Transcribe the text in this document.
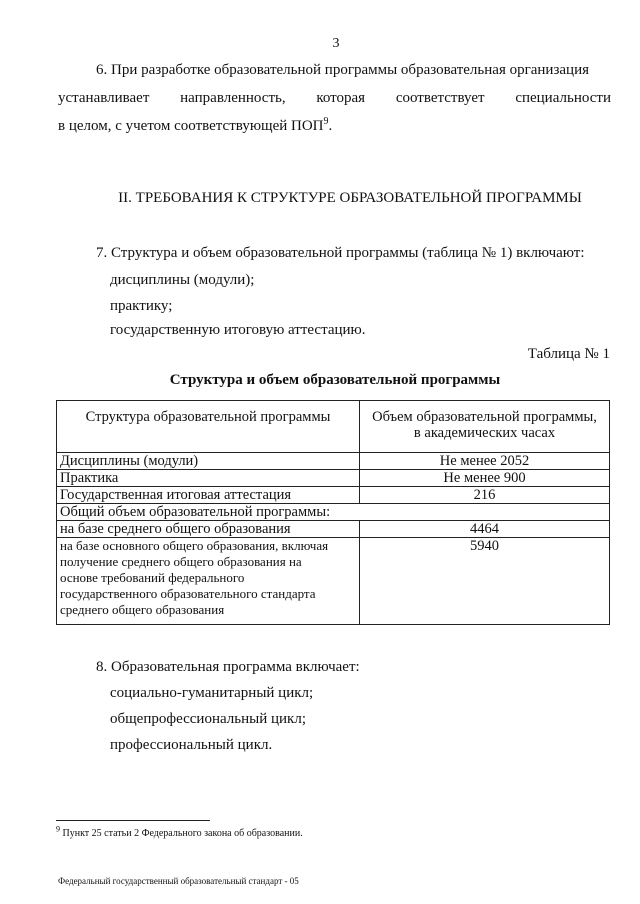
3
6. При разработке образовательной программы образовательная организация
устанавливает направленность, которая соответствует специальности
в целом, с учетом соответствующей ПОП$^9$.
II. ТРЕБОВАНИЯ К СТРУКТУРЕ ОБРАЗОВАТЕЛЬНОЙ ПРОГРАММЫ
7. Структура и объем образовательной программы (таблица № 1) включают:
дисциплины (модули);
практику;
государственную итоговую аттестацию.
Таблица № 1
Структура и объем образовательной программы
Структура образовательной программы	Объем образовательной программы,
в академических часах

Дисциплины (модули)	Не менее 2052
Практика	Не менее 900
Государственная итоговая аттестация	216
Общий объем образовательной программы:	
на базе среднего общего образования	4464

на базе основного общего образования, включая
получение среднего общего образования на
основе требований федерального
государственного образовательного стандарта
среднего общего образования	5940
8. Образовательная программа включает:
социально-гуманитарный цикл;
общепрофессиональный цикл;
профессиональный цикл.
$^9$ Пункт 25 статьи 2 Федерального закона об образовании.
Федеральный государственный образовательный стандарт - 05
